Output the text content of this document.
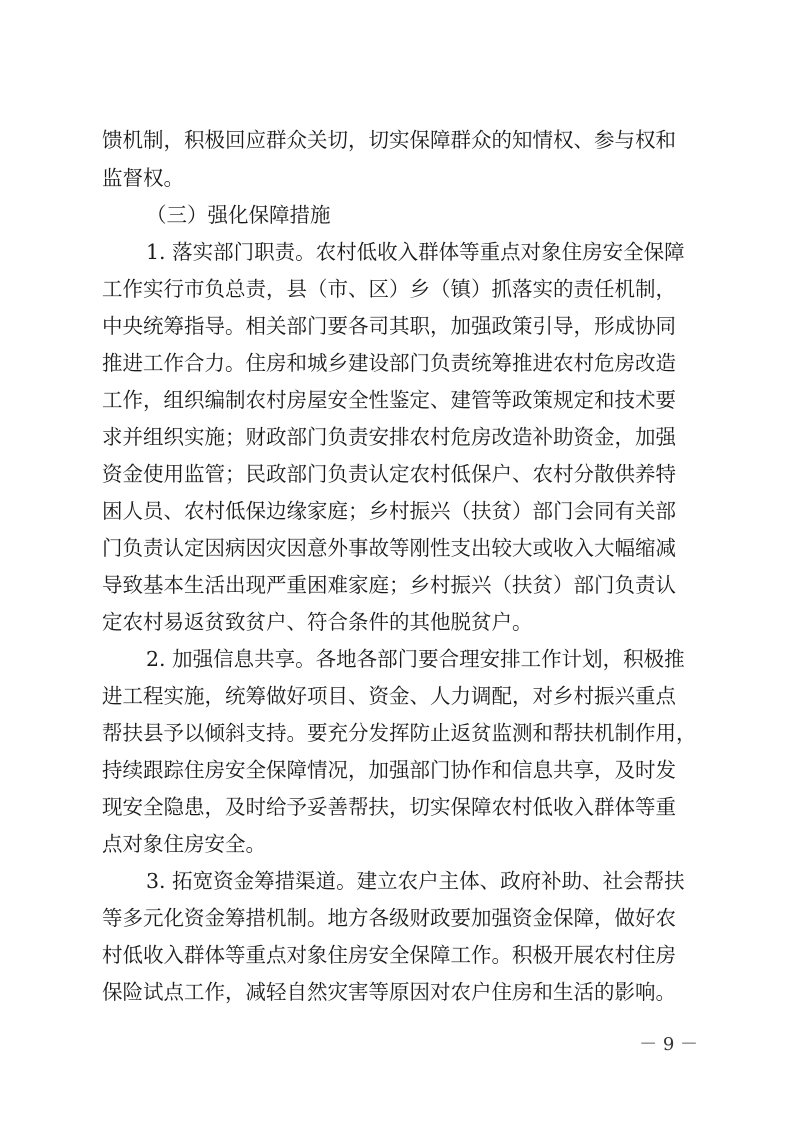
馈机制，积极回应群众关切，切实保障群众的知情权、参与权和
监督权。
（三）强化保障措施
1. 落实部门职责。农村低收入群体等重点对象住房安全保障
工作实行市负总责，县（市、区）乡（镇）抓落实的责任机制，
中央统筹指导。相关部门要各司其职，加强政策引导，形成协同
推进工作合力。住房和城乡建设部门负责统筹推进农村危房改造
工作，组织编制农村房屋安全性鉴定、建管等政策规定和技术要
求并组织实施；财政部门负责安排农村危房改造补助资金，加强
资金使用监管；民政部门负责认定农村低保户、农村分散供养特
困人员、农村低保边缘家庭；乡村振兴（扶贫）部门会同有关部
门负责认定因病因灾因意外事故等刚性支出较大或收入大幅缩减
导致基本生活出现严重困难家庭；乡村振兴（扶贫）部门负责认
定农村易返贫致贫户、符合条件的其他脱贫户。
2. 加强信息共享。各地各部门要合理安排工作计划，积极推
进工程实施，统筹做好项目、资金、人力调配，对乡村振兴重点
帮扶县予以倾斜支持。要充分发挥防止返贫监测和帮扶机制作用，
持续跟踪住房安全保障情况，加强部门协作和信息共享，及时发
现安全隐患，及时给予妥善帮扶，切实保障农村低收入群体等重
点对象住房安全。
3. 拓宽资金筹措渠道。建立农户主体、政府补助、社会帮扶
等多元化资金筹措机制。地方各级财政要加强资金保障，做好农
村低收入群体等重点对象住房安全保障工作。积极开展农村住房
保险试点工作，减轻自然灾害等原因对农户住房和生活的影响。
－ 9 －
